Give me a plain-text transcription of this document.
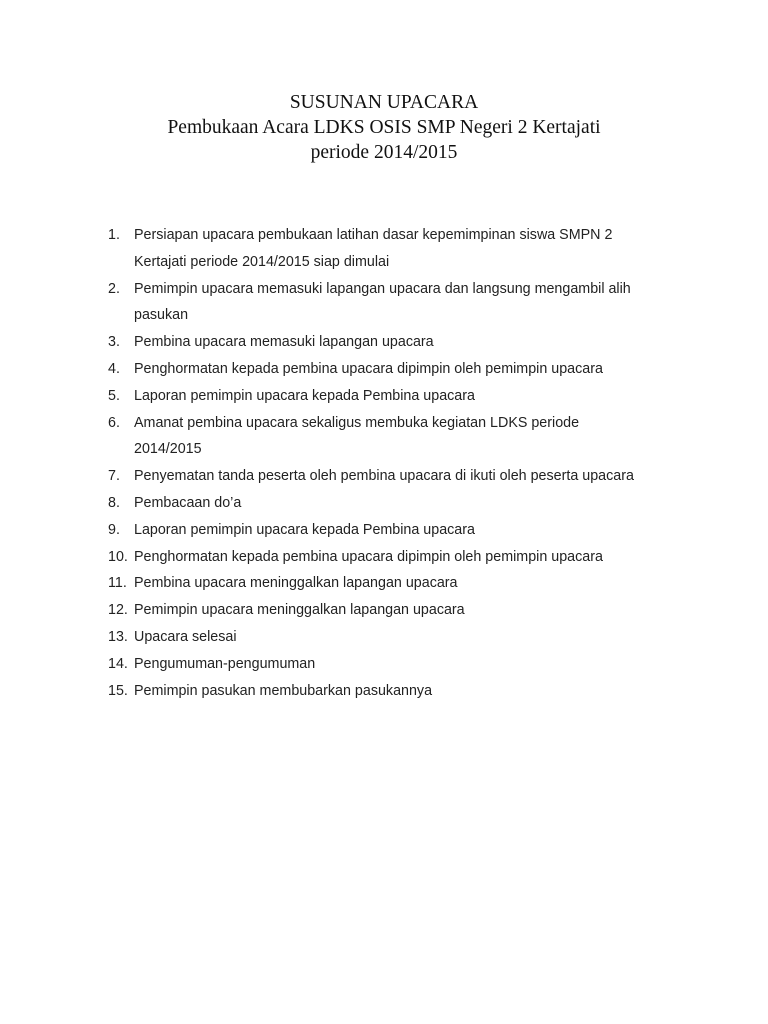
SUSUNAN UPACARA
Pembukaan Acara LDKS OSIS SMP Negeri 2 Kertajati
periode 2014/2015
1. Persiapan upacara pembukaan latihan dasar kepemimpinan siswa SMPN 2
Kertajati periode 2014/2015 siap dimulai
2. Pemimpin upacara memasuki lapangan upacara dan langsung mengambil alih
pasukan
3. Pembina upacara memasuki lapangan upacara
4. Penghormatan kepada pembina upacara dipimpin oleh pemimpin upacara
5. Laporan pemimpin upacara kepada Pembina upacara
6. Amanat pembina upacara sekaligus membuka kegiatan LDKS periode
2014/2015
7. Penyematan tanda peserta oleh pembina upacara di ikuti oleh peserta upacara
8. Pembacaan do’a
9. Laporan pemimpin upacara kepada Pembina upacara
10. Penghormatan kepada pembina upacara dipimpin oleh pemimpin upacara
11. Pembina upacara meninggalkan lapangan upacara
12. Pemimpin upacara meninggalkan lapangan upacara
13. Upacara selesai
14. Pengumuman-pengumuman
15. Pemimpin pasukan membubarkan pasukannya
